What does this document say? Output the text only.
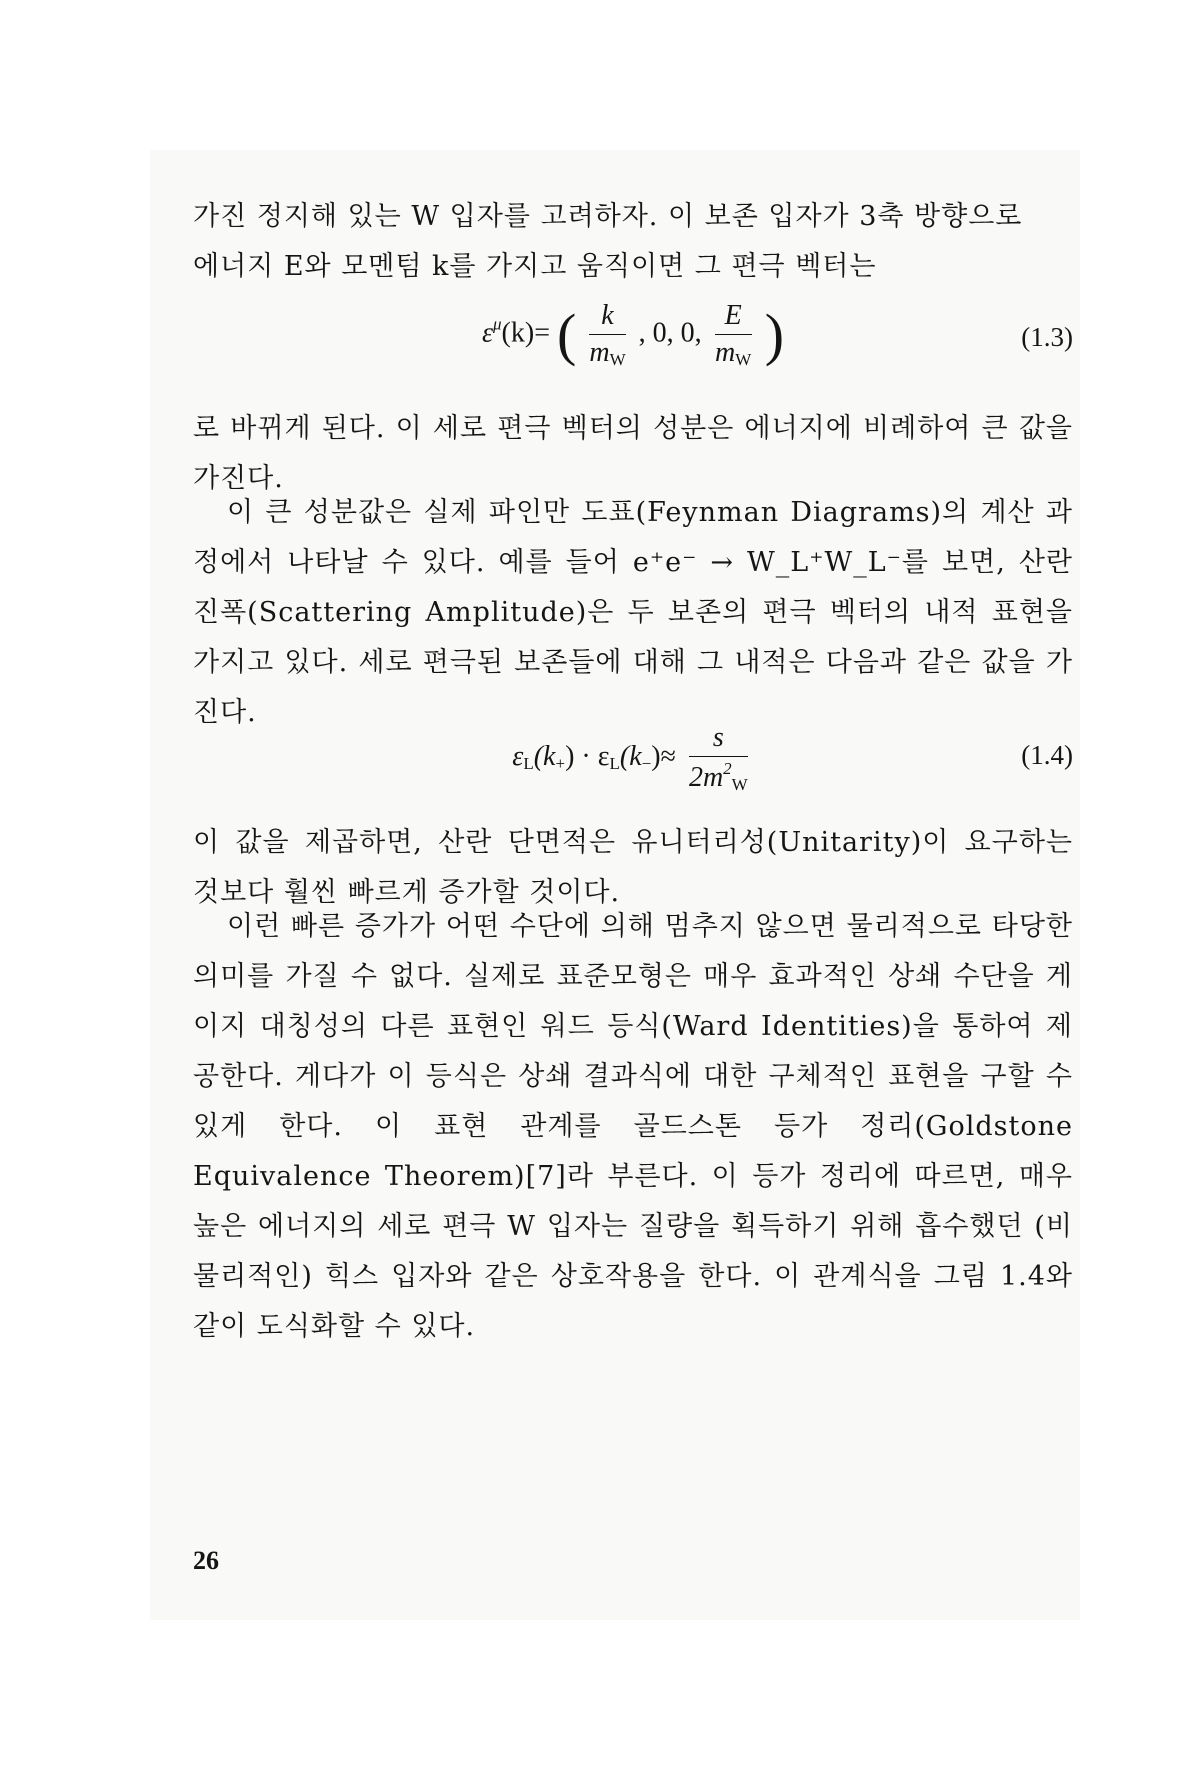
가진 정지해 있는 W 입자를 고려하자. 이 보존 입자가 3축 방향으로

에너지 E와 모멘텀 k를 가지고 움직이면 그 편극 벡터는

$\varepsilon^\mu(k)=$ ( $\frac{k}{m_W}$ , 0, 0, $\frac{E}{m_W}$ )	(1.3)

로 바뀌게 된다. 이 세로 편극 벡터의 성분은 에너지에 비례하여 큰 값을 가진다.

이 큰 성분값은 실제 파인만 도표(Feynman Diagrams)의 계산 과정에서 나타날 수 있다. 예를 들어 e⁺e⁻ → W_L⁺W_L⁻를 보면, 산란 진폭(Scattering Amplitude)은 두 보존의 편극 벡터의 내적 표현을 가지고 있다. 세로 편극된 보존들에 대해 그 내적은 다음과 같은 값을 가진다.

$\varepsilon_L(k_+) \cdot \varepsilon_L(k_-)\approx \frac{s}{2m^2_W}$	(1.4)

이 값을 제곱하면, 산란 단면적은 유니터리성(Unitarity)이 요구하는 것보다 훨씬 빠르게 증가할 것이다.

이런 빠른 증가가 어떤 수단에 의해 멈추지 않으면 물리적으로 타당한 의미를 가질 수 없다. 실제로 표준모형은 매우 효과적인 상쇄 수단을 게이지 대칭성의 다른 표현인 워드 등식(Ward Identities)을 통하여 제공한다. 게다가 이 등식은 상쇄 결과식에 대한 구체적인 표현을 구할 수 있게 한다. 이 표현 관계를 골드스톤 등가 정리(Goldstone Equivalence Theorem)[7]라 부른다. 이 등가 정리에 따르면, 매우 높은 에너지의 세로 편극 W 입자는 질량을 획득하기 위해 흡수했던 (비물리적인) 힉스 입자와 같은 상호작용을 한다. 이 관계식을 그림 1.4와 같이 도식화할 수 있다.

26
